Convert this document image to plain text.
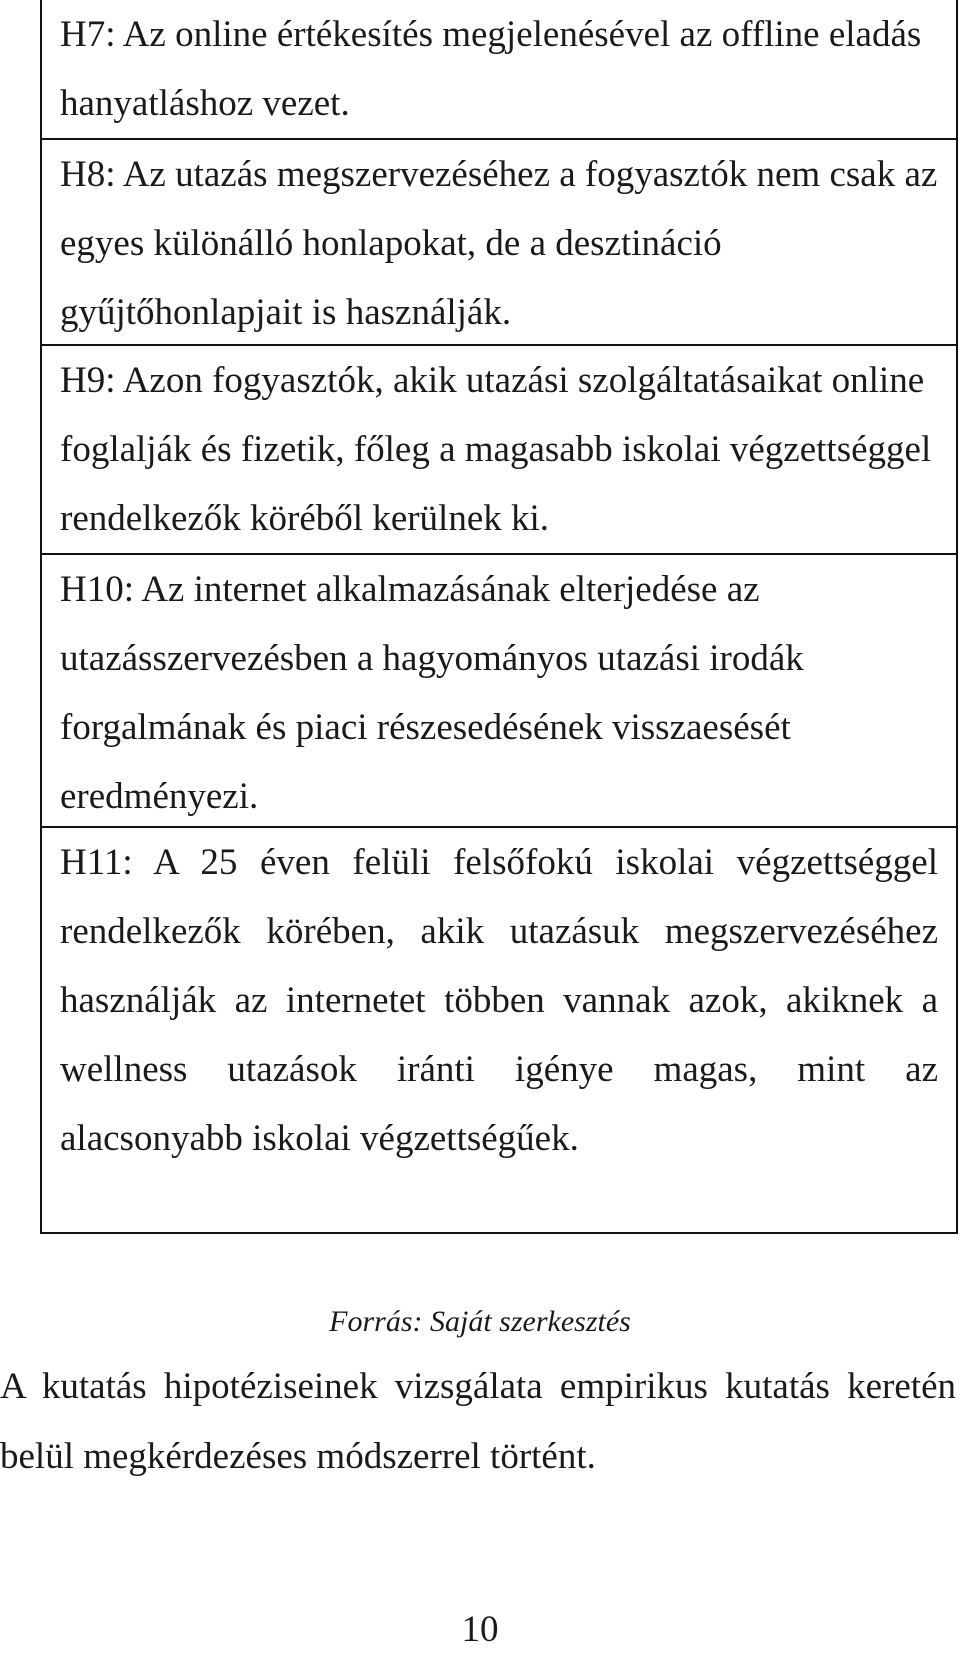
H7: Az online értékesítés megjelenésével az offline eladás hanyatláshoz vezet.
H8: Az utazás megszervezéséhez a fogyasztók nem csak az egyes különálló honlapokat, de a desztináció gyűjtőhonlapjait is használják.
H9: Azon fogyasztók, akik utazási szolgáltatásaikat online foglalják és fizetik, főleg a magasabb iskolai végzettséggel rendelkezők köréből kerülnek ki.
H10: Az internet alkalmazásának elterjedése az utazásszervezésben a hagyományos utazási irodák forgalmának és piaci részesedésének visszaesését eredményezi.
H11: A 25 éven felüli felsőfokú iskolai végzettséggel rendelkezők körében, akik utazásuk megszervezéséhez használják az internetet többen vannak azok, akiknek a wellness utazások iránti igénye magas, mint az alacsonyabb iskolai végzettségűek.
Forrás: Saját szerkesztés
A kutatás hipotéziseinek vizsgálata empirikus kutatás keretén belül megkérdezéses módszerrel történt.
10
